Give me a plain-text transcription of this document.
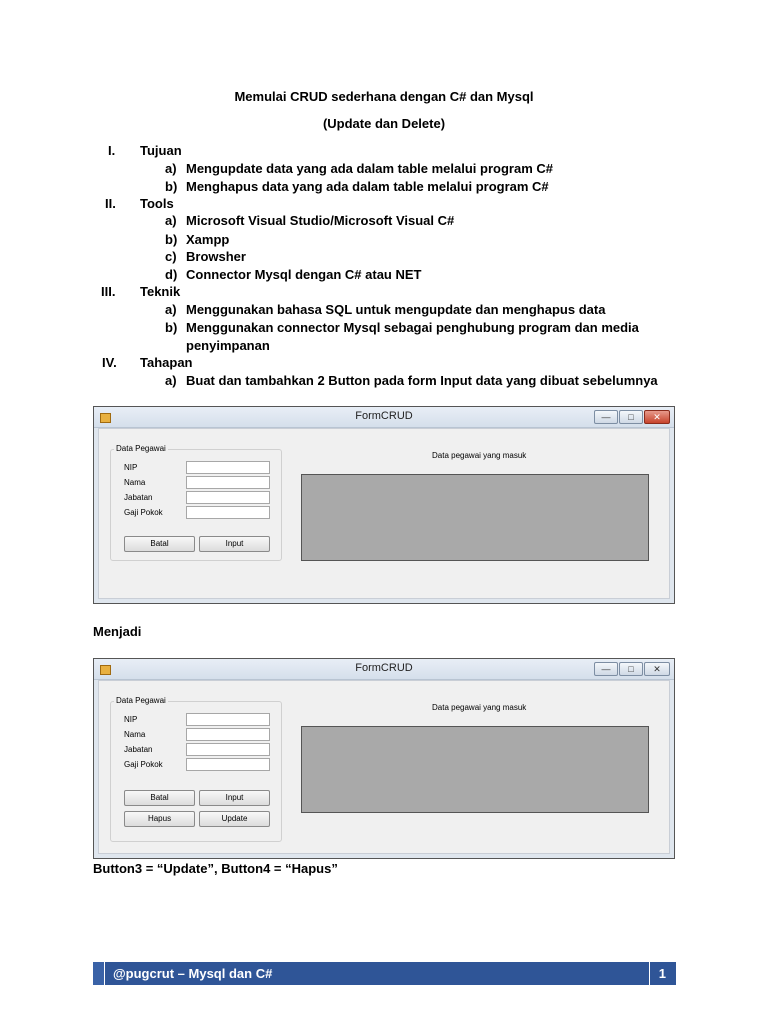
Memulai CRUD sederhana dengan C# dan Mysql
(Update dan Delete)
I. Tujuan
a) Mengupdate data yang ada dalam table melalui program C#
b) Menghapus data yang ada dalam table melalui program C#
II. Tools
a) Microsoft Visual Studio/Microsoft Visual C#
b) Xampp
c) Browsher
d) Connector Mysql dengan C# atau NET
III. Teknik
a) Menggunakan bahasa SQL untuk mengupdate dan menghapus data
b) Menggunakan connector Mysql sebagai penghubung program dan media
penyimpanan
IV. Tahapan
a) Buat dan tambahkan 2 Button pada form Input data yang dibuat sebelumnya
FormCRUD	—	□	✕
Data Pegawai
NIP
Nama
Jabatan
Gaji Pokok
Batal	Input
Data pegawai yang masuk
Menjadi
FormCRUD	—	□	✕
Data Pegawai
NIP
Nama
Jabatan
Gaji Pokok
Batal	Input
Hapus	Update
Data pegawai yang masuk
Button3 = “Update”, Button4 = “Hapus”
@pugcrut – Mysql dan C#	1
